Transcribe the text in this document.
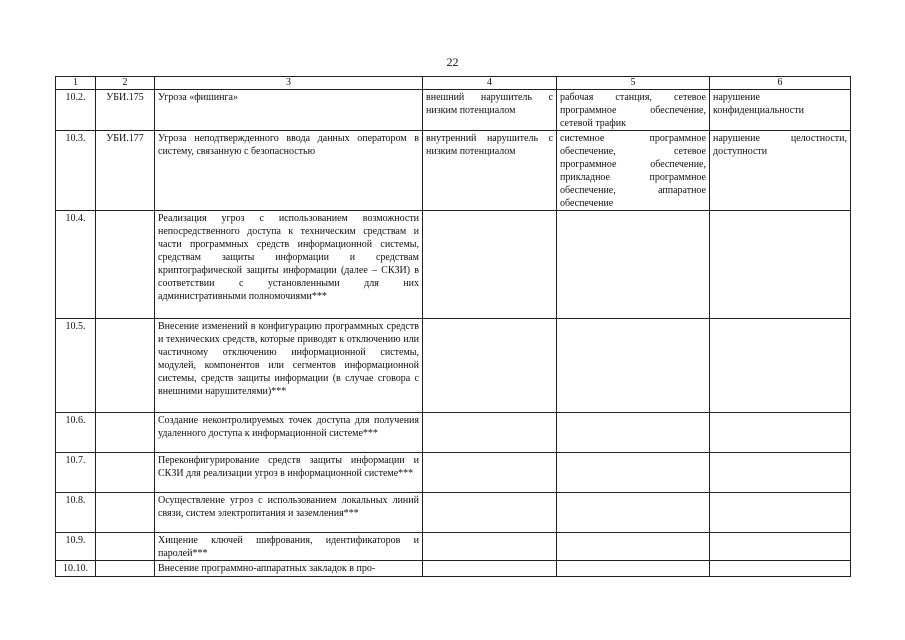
22
1	2	3	4	5	6
10.2.	УБИ.175	Угроза «фишинга»	внешний нарушитель с низким потенциалом	рабочая станция, сетевое программное обеспечение, сетевой трафик	нарушение конфиденциальности
10.3.	УБИ.177	Угроза неподтвержденного ввода данных оператором в систему, связанную с безопасностью	внутренний нарушитель с низким потенциалом	системное программное обеспечение, сетевое программное обеспечение, прикладное программное обеспечение, аппаратное обеспечение	нарушение целостности, доступности
10.4.		Реализация угроз с использованием возможности непосредственного доступа к техническим средствам и части программных средств информационной системы, средствам защиты информации и средствам криптографической защиты информации (далее – СКЗИ) в соответствии с установленными для них административными полномочиями***			
10.5.		Внесение изменений в конфигурацию программных средств и технических средств, которые приводят к отключению или частичному отключению информационной системы, модулей, компонентов или сегментов информационной системы, средств защиты информации (в случае сговора с внешними нарушителями)***			
10.6.		Создание неконтролируемых точек доступа для получения удаленного доступа к информационной системе***			
10.7.		Переконфигурирование средств защиты информации и СКЗИ для реализации угроз в информационной системе***			
10.8.		Осуществление угроз с использованием локальных линий связи, систем электропитания и заземления***			
10.9.		Хищение ключей шифрования, идентификаторов и паролей***			
10.10.		Внесение программно-аппаратных закладок в про-			
